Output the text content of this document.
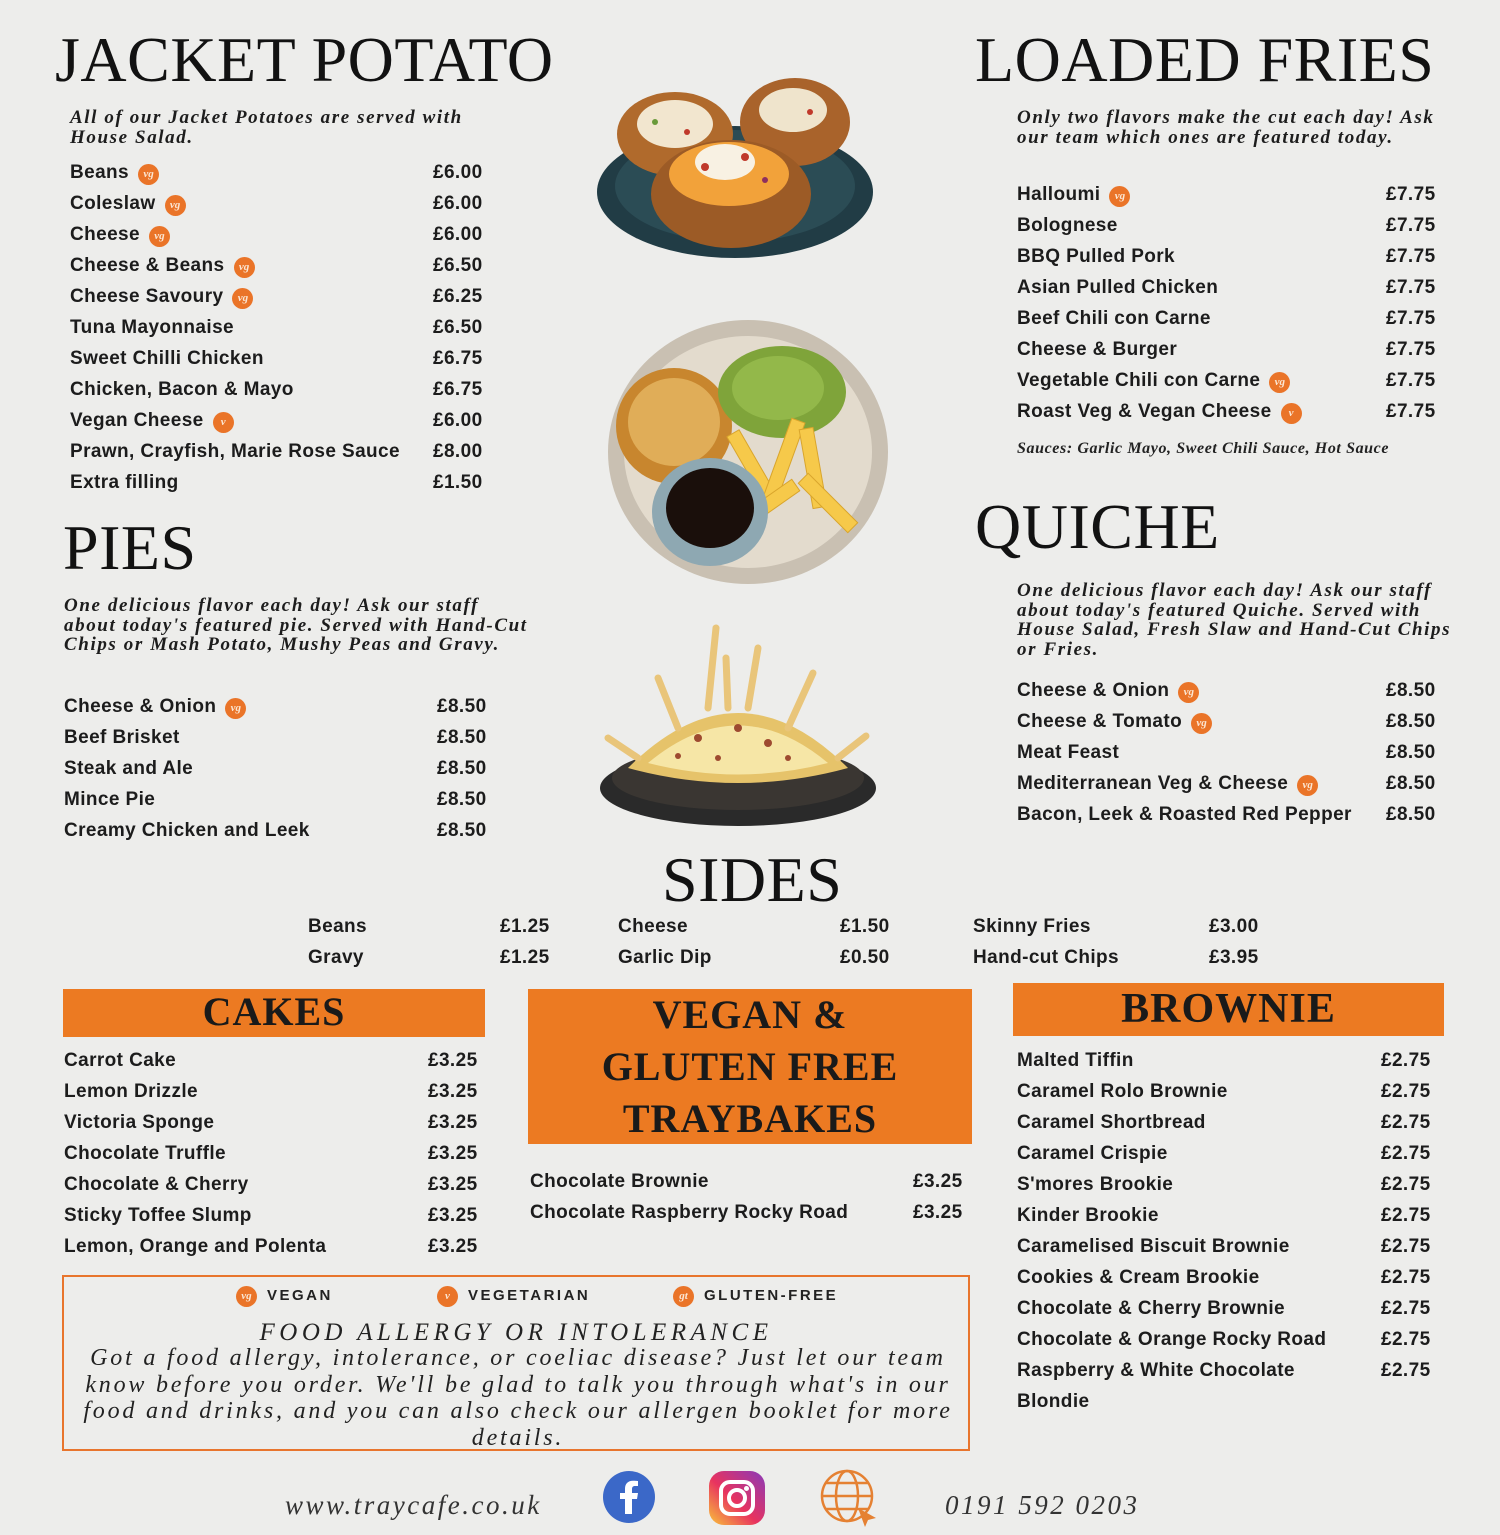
JACKET POTATO

All of our Jacket Potatoes are served with House Salad.

Beans vg	£6.00
Coleslaw vg	£6.00
Cheese vg	£6.00
Cheese & Beans vg	£6.50
Cheese Savoury vg	£6.25
Tuna Mayonnaise	£6.50
Sweet Chilli Chicken	£6.75
Chicken, Bacon & Mayo	£6.75
Vegan Cheese v	£6.00
Prawn, Crayfish, Marie Rose Sauce £8.00
Extra filling	£1.50
PIES

One delicious flavor each day! Ask our staff about today's featured pie. Served with Hand-Cut Chips or Mash Potato, Mushy Peas and Gravy.

Cheese & Onion vg	£8.50
Beef Brisket	£8.50
Steak and Ale	£8.50
Mince Pie	£8.50
Creamy Chicken and Leek	£8.50
LOADED FRIES

Only two flavors make the cut each day! Ask our team which ones are featured today.

Halloumi vg	£7.75
Bolognese	£7.75
BBQ Pulled Pork	£7.75
Asian Pulled Chicken	£7.75
Beef Chili con Carne	£7.75
Cheese & Burger	£7.75
Vegetable Chili con Carne vg	£7.75
Roast Veg & Vegan Cheese v	£7.75
Sauces: Garlic Mayo, Sweet Chili Sauce, Hot Sauce
QUICHE

One delicious flavor each day! Ask our staff about today's featured Quiche. Served with House Salad, Fresh Slaw and Hand-Cut Chips or Fries.

Cheese & Onion vg	£8.50
Cheese & Tomato vg	£8.50
Meat Feast	£8.50
Mediterranean Veg & Cheese vg	£8.50
Bacon, Leek & Roasted Red Pepper £8.50
SIDES
Beans	£1.25
Gravy	£1.25
Cheese	£1.50
Garlic Dip	£0.50
Skinny Fries	£3.00
Hand-cut Chips	£3.95
CAKES
Carrot Cake	£3.25
Lemon Drizzle	£3.25
Victoria Sponge	£3.25
Chocolate Truffle	£3.25
Chocolate & Cherry	£3.25
Sticky Toffee Slump	£3.25
Lemon, Orange and Polenta	£3.25
VEGAN &
GLUTEN FREE
TRAYBAKES
Chocolate Brownie	£3.25
Chocolate Raspberry Rocky Road	£3.25
BROWNIE
Malted Tiffin	£2.75
Caramel Rolo Brownie	£2.75
Caramel Shortbread	£2.75
Caramel Crispie	£2.75
S'mores Brookie	£2.75
Kinder Brookie	£2.75
Caramelised Biscuit Brownie	£2.75
Cookies & Cream Brookie	£2.75
Chocolate & Cherry Brownie	£2.75
Chocolate & Orange Rocky Road	£2.75
Raspberry & White Chocolate	£2.75
Blondie
vg VEGAN	v VEGETARIAN	gt GLUTEN-FREE
FOOD ALLERGY OR INTOLERANCE
Got a food allergy, intolerance, or coeliac disease? Just let our team know before you order. We'll be glad to talk you through what's in our food and drinks, and you can also check our allergen booklet for more details.
www.traycafe.co.uk	0191 592 0203
